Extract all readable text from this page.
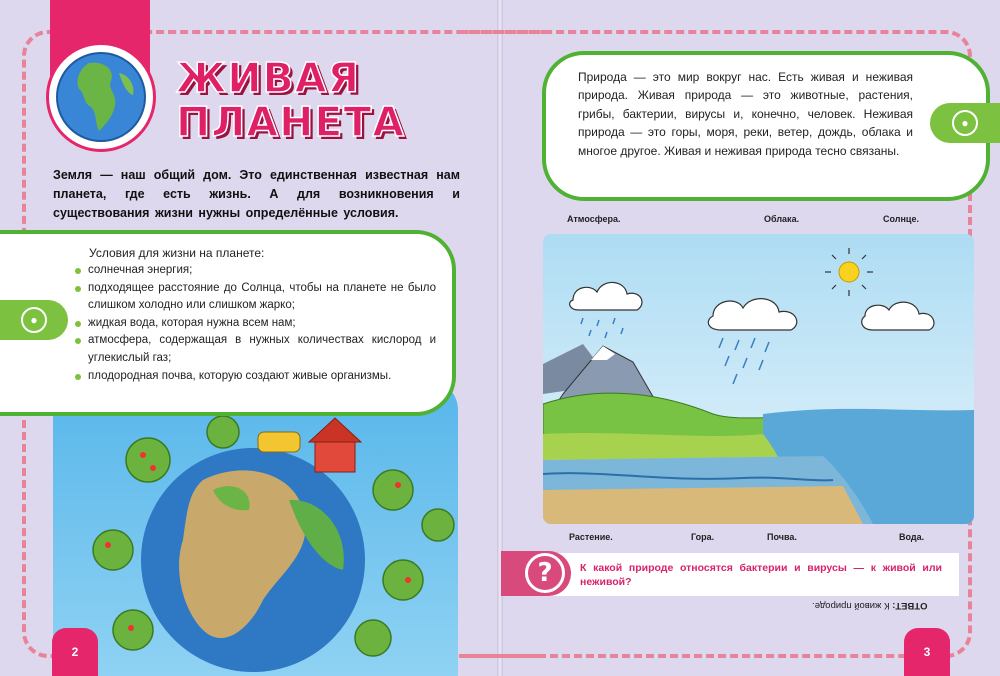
ЖИВАЯ
ПЛАНЕТА
Земля — наш общий дом. Это единственная известная нам планета, где есть жизнь. А для возникновения и существования жизни нужны определённые условия.
●
Условия для жизни на планете:
солнечная энергия;
подходящее расстояние до Солнца, чтобы на планете не было слишком холодно или слишком жарко;
жидкая вода, которая нужна всем нам;
атмосфера, содержащая в нужных количествах кислород и углекислый газ;
плодородная почва, которую создают живые организмы.
●
Природа — это мир вокруг нас. Есть живая и неживая природа. Живая природа — это животные, растения, грибы, бактерии, вирусы и, конечно, человек. Неживая природа — это горы, моря, реки, ветер, дождь, облака и многое другое. Живая и неживая природа тесно связаны.
Атмосфера.	Облака.	Солнце.
Растение.	Гора.	Почва.	Вода.
?	К какой природе относятся бактерии и вирусы — к живой или неживой?
ОТВЕТ: К живой природе.
2	3
